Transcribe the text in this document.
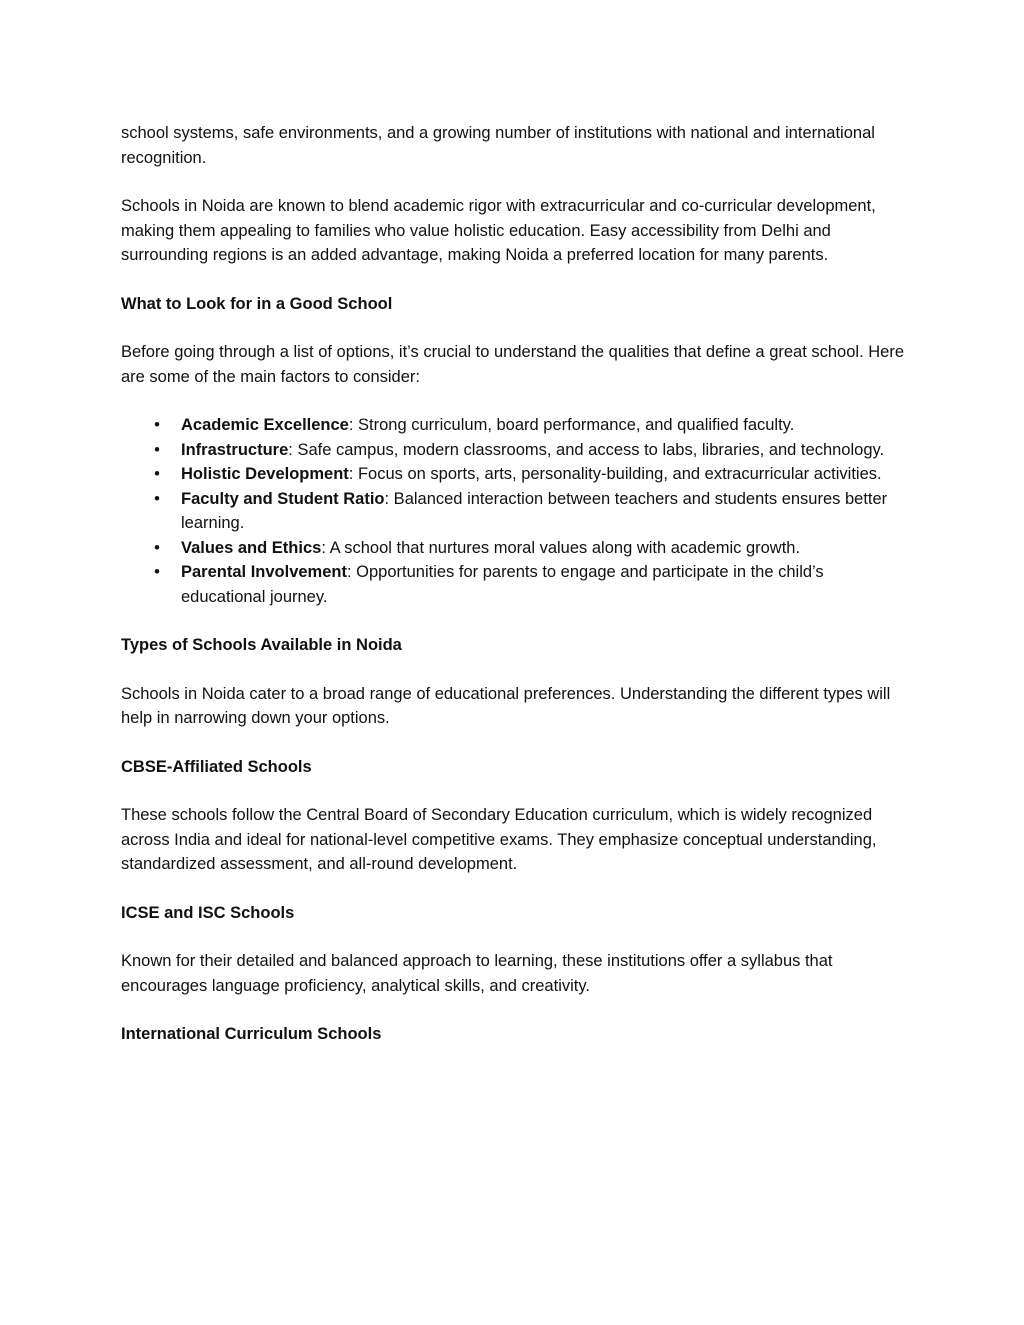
school systems, safe environments, and a growing number of institutions with national and international recognition.

Schools in Noida are known to blend academic rigor with extracurricular and co-curricular development, making them appealing to families who value holistic education. Easy accessibility from Delhi and surrounding regions is an added advantage, making Noida a preferred location for many parents.

What to Look for in a Good School

Before going through a list of options, it’s crucial to understand the qualities that define a great school. Here are some of the main factors to consider:

• Academic Excellence: Strong curriculum, board performance, and qualified faculty.
• Infrastructure: Safe campus, modern classrooms, and access to labs, libraries, and technology.
• Holistic Development: Focus on sports, arts, personality-building, and extracurricular activities.
• Faculty and Student Ratio: Balanced interaction between teachers and students ensures better learning.
• Values and Ethics: A school that nurtures moral values along with academic growth.
• Parental Involvement: Opportunities for parents to engage and participate in the child’s educational journey.
Types of Schools Available in Noida

Schools in Noida cater to a broad range of educational preferences. Understanding the different types will help in narrowing down your options.

CBSE-Affiliated Schools

These schools follow the Central Board of Secondary Education curriculum, which is widely recognized across India and ideal for national-level competitive exams. They emphasize conceptual understanding, standardized assessment, and all-round development.

ICSE and ISC Schools

Known for their detailed and balanced approach to learning, these institutions offer a syllabus that encourages language proficiency, analytical skills, and creativity.

International Curriculum Schools
